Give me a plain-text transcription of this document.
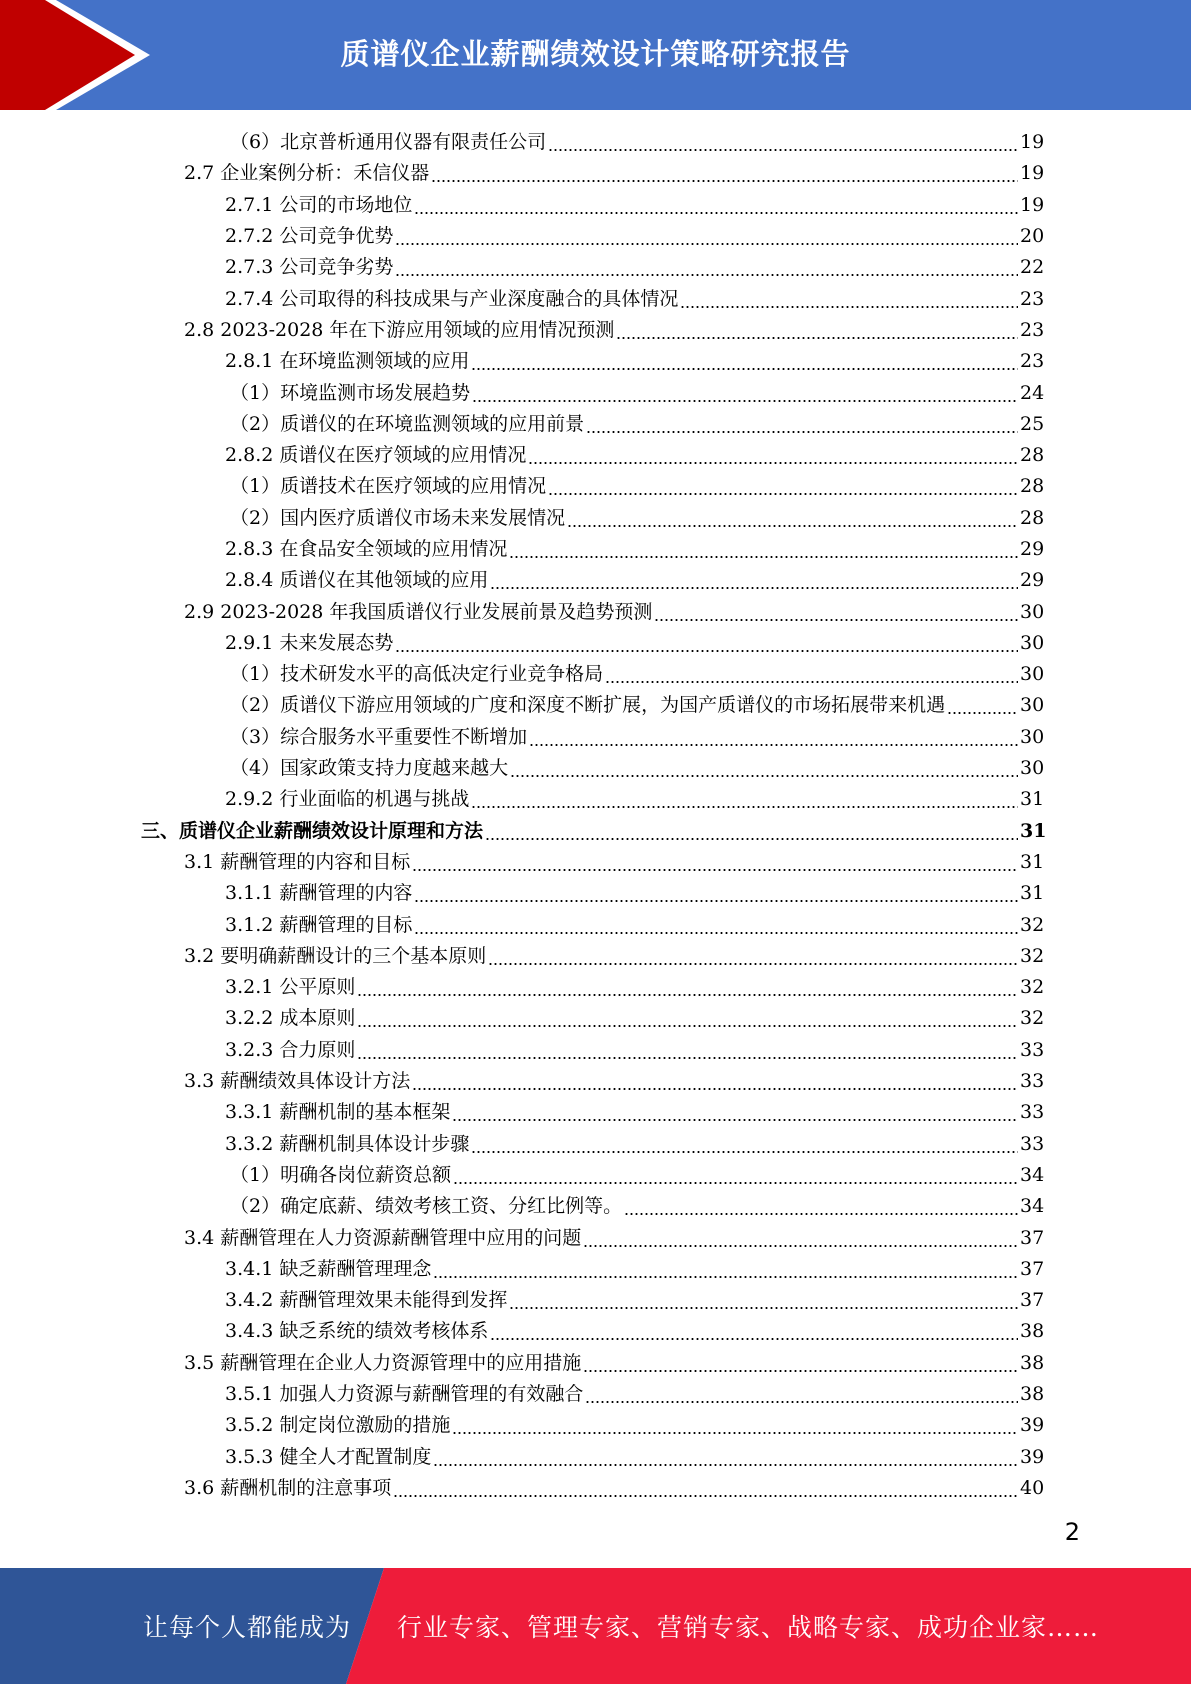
质谱仪企业薪酬绩效设计策略研究报告
（6）北京普析通用仪器有限责任公司	19
2.7 企业案例分析：禾信仪器	19
2.7.1 公司的市场地位	19
2.7.2 公司竞争优势	20
2.7.3 公司竞争劣势	22
2.7.4 公司取得的科技成果与产业深度融合的具体情况	23
2.8 2023-2028 年在下游应用领域的应用情况预测	23
2.8.1 在环境监测领域的应用	23
（1）环境监测市场发展趋势	24
（2）质谱仪的在环境监测领域的应用前景	25
2.8.2 质谱仪在医疗领域的应用情况	28
（1）质谱技术在医疗领域的应用情况	28
（2）国内医疗质谱仪市场未来发展情况	28
2.8.3 在食品安全领域的应用情况	29
2.8.4 质谱仪在其他领域的应用	29
2.9 2023-2028 年我国质谱仪行业发展前景及趋势预测	30
2.9.1 未来发展态势	30
（1）技术研发水平的高低决定行业竞争格局	30
（2）质谱仪下游应用领域的广度和深度不断扩展，为国产质谱仪的市场拓展带来机遇	30
（3）综合服务水平重要性不断增加	30
（4）国家政策支持力度越来越大	30
2.9.2 行业面临的机遇与挑战	31
三、质谱仪企业薪酬绩效设计原理和方法	31
3.1 薪酬管理的内容和目标	31
3.1.1 薪酬管理的内容	31
3.1.2 薪酬管理的目标	32
3.2 要明确薪酬设计的三个基本原则	32
3.2.1 公平原则	32
3.2.2 成本原则	32
3.2.3 合力原则	33
3.3 薪酬绩效具体设计方法	33
3.3.1 薪酬机制的基本框架	33
3.3.2 薪酬机制具体设计步骤	33
（1）明确各岗位薪资总额	34
（2）确定底薪、绩效考核工资、分红比例等。	34
3.4 薪酬管理在人力资源薪酬管理中应用的问题	37
3.4.1 缺乏薪酬管理理念	37
3.4.2 薪酬管理效果未能得到发挥	37
3.4.3 缺乏系统的绩效考核体系	38
3.5 薪酬管理在企业人力资源管理中的应用措施	38
3.5.1 加强人力资源与薪酬管理的有效融合	38
3.5.2 制定岗位激励的措施	39
3.5.3 健全人才配置制度	39
3.6 薪酬机制的注意事项	40
2
让每个人都能成为 行业专家、管理专家、营销专家、战略专家、成功企业家……
